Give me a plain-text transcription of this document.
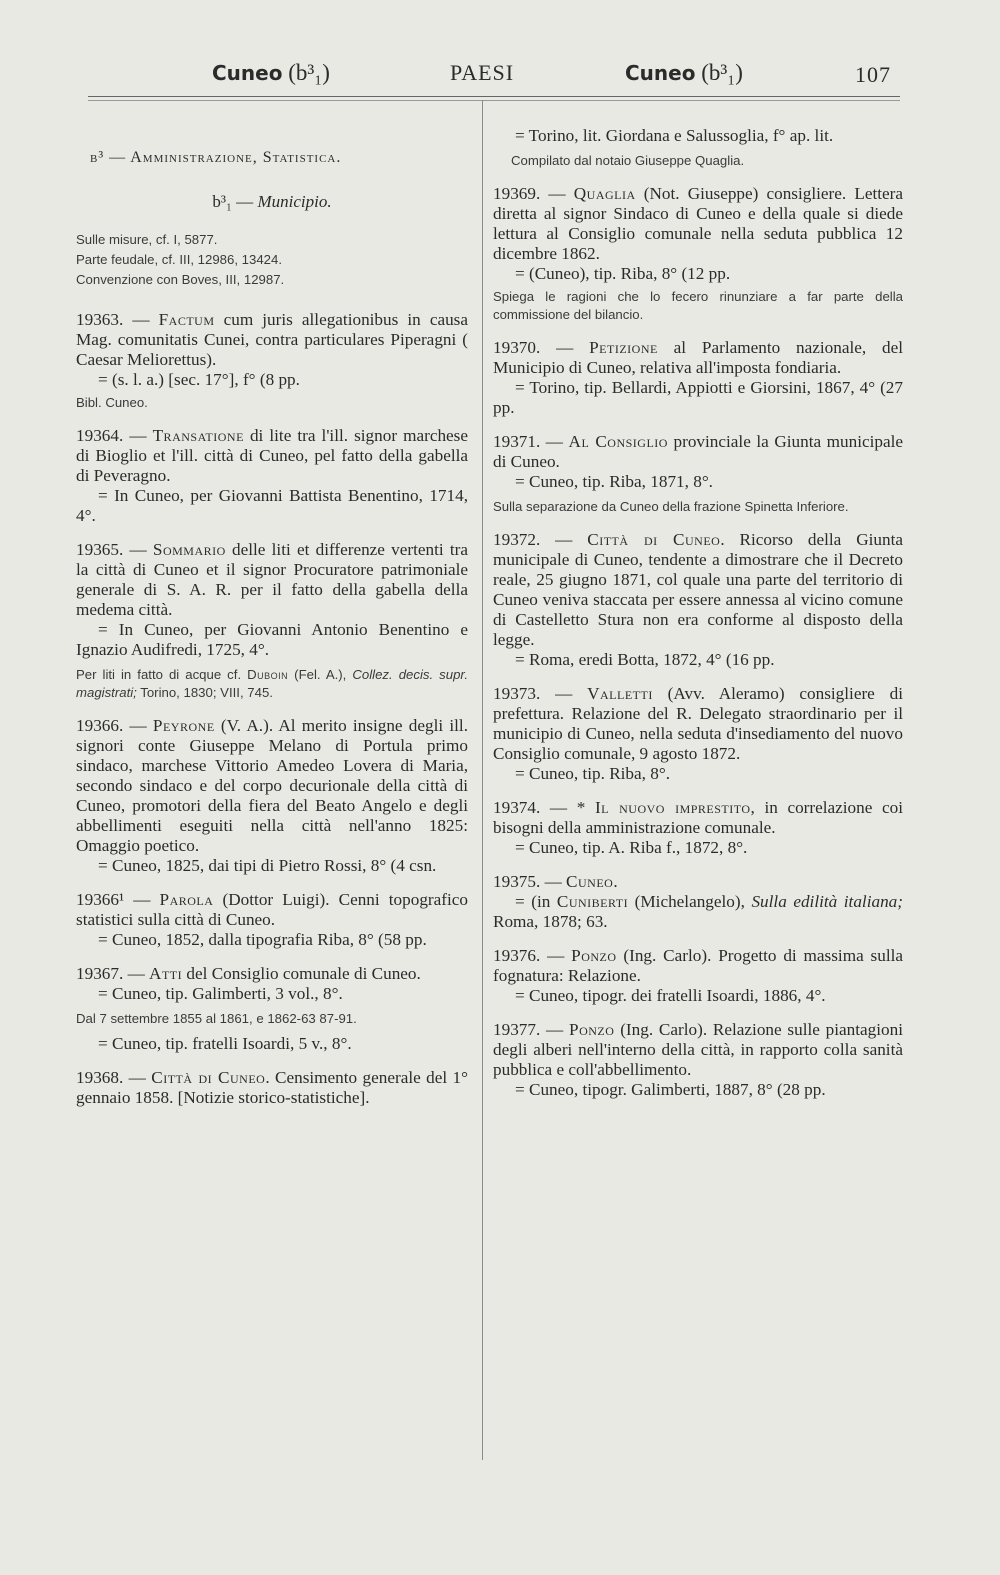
Cuneo (b³₁)	PAESI	Cuneo (b³₁)	107

b³ — Amministrazione, Statistica.

b³₁ — Municipio.

Sulle misure, cf. I, 5877.

Parte feudale, cf. III, 12986, 13424.

Convenzione con Boves, III, 12987.

19363. — Factum cum juris allegationibus in causa Mag. comunitatis Cunei, contra particulares Piperagni ( Caesar Meliorettus).

= (s. l. a.) [sec. 17°], f° (8 pp.

Bibl. Cuneo.

19364. — Transatione di lite tra l'ill. signor marchese di Bioglio et l'ill. città di Cuneo, pel fatto della gabella di Peveragno.

= In Cuneo, per Giovanni Battista Benentino, 1714, 4°.

19365. — Sommario delle liti et differenze vertenti tra la città di Cuneo et il signor Procuratore patrimoniale generale di S. A. R. per il fatto della gabella della medema città.

= In Cuneo, per Giovanni Antonio Benentino e Ignazio Audifredi, 1725, 4°.

Per liti in fatto di acque cf. Duboin (Fel. A.), Collez. decis. supr. magistrati; Torino, 1830; VIII, 745.

19366. — Peyrone (V. A.). Al merito insigne degli ill. signori conte Giuseppe Melano di Portula primo sindaco, marchese Vittorio Amedeo Lovera di Maria, secondo sindaco e del corpo decurionale della città di Cuneo, promotori della fiera del Beato Angelo e degli abbellimenti eseguiti nella città nell'anno 1825: Omaggio poetico.

= Cuneo, 1825, dai tipi di Pietro Rossi, 8° (4 csn.

19366¹ — Parola (Dottor Luigi). Cenni topografico statistici sulla città di Cuneo.

= Cuneo, 1852, dalla tipografia Riba, 8° (58 pp.

19367. — Atti del Consiglio comunale di Cuneo.

= Cuneo, tip. Galimberti, 3 vol., 8°.

Dal 7 settembre 1855 al 1861, e 1862-63 87-91.

= Cuneo, tip. fratelli Isoardi, 5 v., 8°.

19368. — Città di Cuneo. Censimento generale del 1° gennaio 1858. [Notizie storico-statistiche].

= Torino, lit. Giordana e Salussoglia, f° ap. lit.

Compilato dal notaio Giuseppe Quaglia.

19369. — Quaglia (Not. Giuseppe) consigliere. Lettera diretta al signor Sindaco di Cuneo e della quale si diede lettura al Consiglio comunale nella seduta pubblica 12 dicembre 1862.

= (Cuneo), tip. Riba, 8° (12 pp.

Spiega le ragioni che lo fecero rinunziare a far parte della commissione del bilancio.

19370. — Petizione al Parlamento nazionale, del Municipio di Cuneo, relativa all'imposta fondiaria.

= Torino, tip. Bellardi, Appiotti e Giorsini, 1867, 4° (27 pp.

19371. — Al Consiglio provinciale la Giunta municipale di Cuneo.

= Cuneo, tip. Riba, 1871, 8°.

Sulla separazione da Cuneo della frazione Spinetta Inferiore.

19372. — Città di Cuneo. Ricorso della Giunta municipale di Cuneo, tendente a dimostrare che il Decreto reale, 25 giugno 1871, col quale una parte del territorio di Cuneo veniva staccata per essere annessa al vicino comune di Castelletto Stura non era conforme al disposto della legge.

= Roma, eredi Botta, 1872, 4° (16 pp.

19373. — Valletti (Avv. Aleramo) consigliere di prefettura. Relazione del R. Delegato straordinario per il municipio di Cuneo, nella seduta d'insediamento del nuovo Consiglio comunale, 9 agosto 1872.

= Cuneo, tip. Riba, 8°.

19374. — * Il nuovo imprestito, in correlazione coi bisogni della amministrazione comunale.

= Cuneo, tip. A. Riba f., 1872, 8°.

19375. — Cuneo.

= (in Cuniberti (Michelangelo), Sulla edilità italiana; Roma, 1878; 63.

19376. — Ponzo (Ing. Carlo). Progetto di massima sulla fognatura: Relazione.

= Cuneo, tipogr. dei fratelli Isoardi, 1886, 4°.

19377. — Ponzo (Ing. Carlo). Relazione sulle piantagioni degli alberi nell'interno della città, in rapporto colla sanità pubblica e coll'abbellimento.

= Cuneo, tipogr. Galimberti, 1887, 8° (28 pp.
